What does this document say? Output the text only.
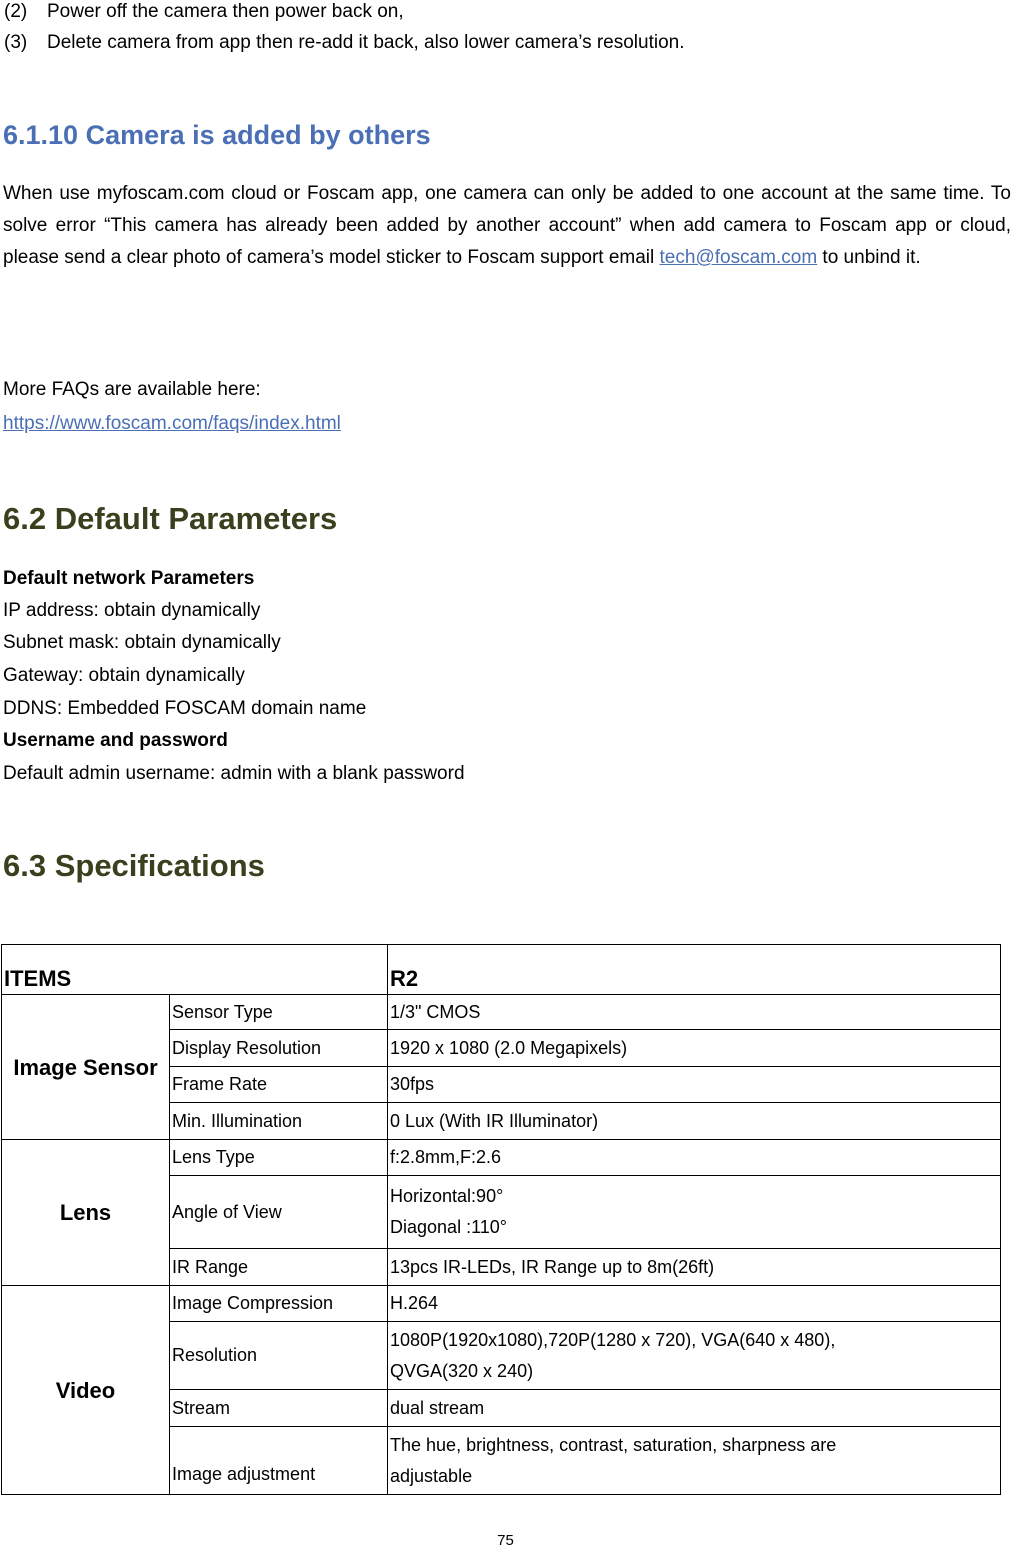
(2) Power off the camera then power back on,
(3) Delete camera from app then re-add it back, also lower camera’s resolution.
6.1.10 Camera is added by others
When use myfoscam.com cloud or Foscam app, one camera can only be added to one account at the same time. To solve error “This camera has already been added by another account” when add camera to Foscam app or cloud, please send a clear photo of camera’s model sticker to Foscam support email tech@foscam.com to unbind it.
More FAQs are available here:
https://www.foscam.com/faqs/index.html
6.2 Default Parameters
Default network Parameters
IP address: obtain dynamically
Subnet mask: obtain dynamically
Gateway: obtain dynamically
DDNS: Embedded FOSCAM domain name
Username and password
Default admin username: admin with a blank password
6.3 Specifications
ITEMS		R2
Image Sensor	Sensor Type	1/3" CMOS
	Display Resolution	1920 x 1080 (2.0 Megapixels)
	Frame Rate	30fps
	Min. Illumination	0 Lux (With IR Illuminator)
Lens	Lens Type	f:2.8mm,F:2.6
	Angle of View	Horizontal:90°
Diagonal :110°

	IR Range	13pcs IR-LEDs, IR Range up to 8m(26ft)
Video	Image Compression	H.264
	Resolution	1080P(1920x1080),720P(1280 x 720), VGA(640 x 480),
QVGA(320 x 240)

	Stream	dual stream
	Image adjustment	The hue, brightness, contrast, saturation, sharpness are
adjustable
75
